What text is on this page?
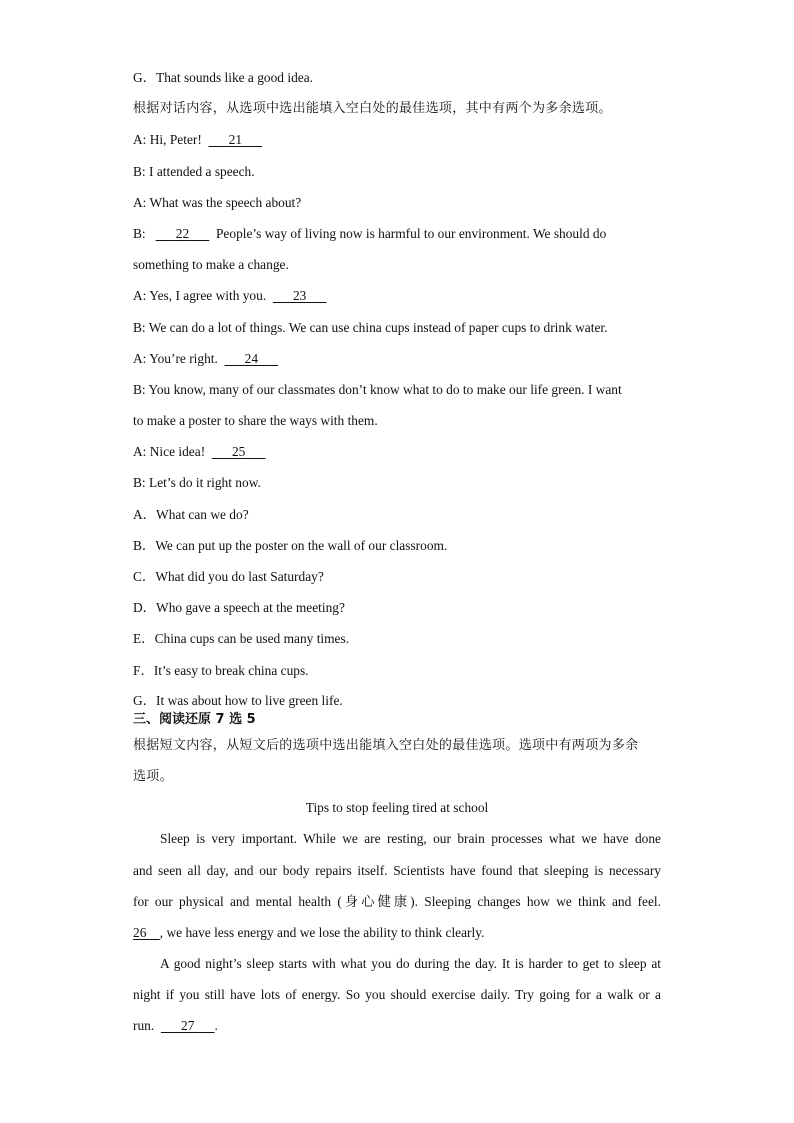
G．That sounds like a good idea.
根据对话内容，从选项中选出能填入空白处的最佳选项，其中有两个为多余选项。
A: Hi, Peter! 21
B: I attended a speech.
A: What was the speech about?
B: 22 People’s way of living now is harmful to our environment. We should do
something to make a change.
A: Yes, I agree with you. 23
B: We can do a lot of things. We can use china cups instead of paper cups to drink water.
A: You’re right. 24
B: You know, many of our classmates don’t know what to do to make our life green. I want
to make a poster to share the ways with them.
A: Nice idea! 25
B: Let’s do it right now.
A．What can we do?
B．We can put up the poster on the wall of our classroom.
C．What did you do last Saturday?
D．Who gave a speech at the meeting?
E．China cups can be used many times.
F．It’s easy to break china cups.
G．It was about how to live green life.
三、阅读还原 7 选 5
根据短文内容，从短文后的选项中选出能填入空白处的最佳选项。选项中有两项为多余
选项。
Tips to stop feeling tired at school
Sleep is very important. While we are resting, our brain processes what we have done
and seen all day, and our body repairs itself. Scientists have found that sleeping is necessary
for our physical and mental health (身心健康). Sleeping changes how we think and feel.
26 , we have less energy and we lose the ability to think clearly.
A good night’s sleep starts with what you do during the day. It is harder to get to sleep at
night if you still have lots of energy. So you should exercise daily. Try going for a walk or a
run. 27 .
